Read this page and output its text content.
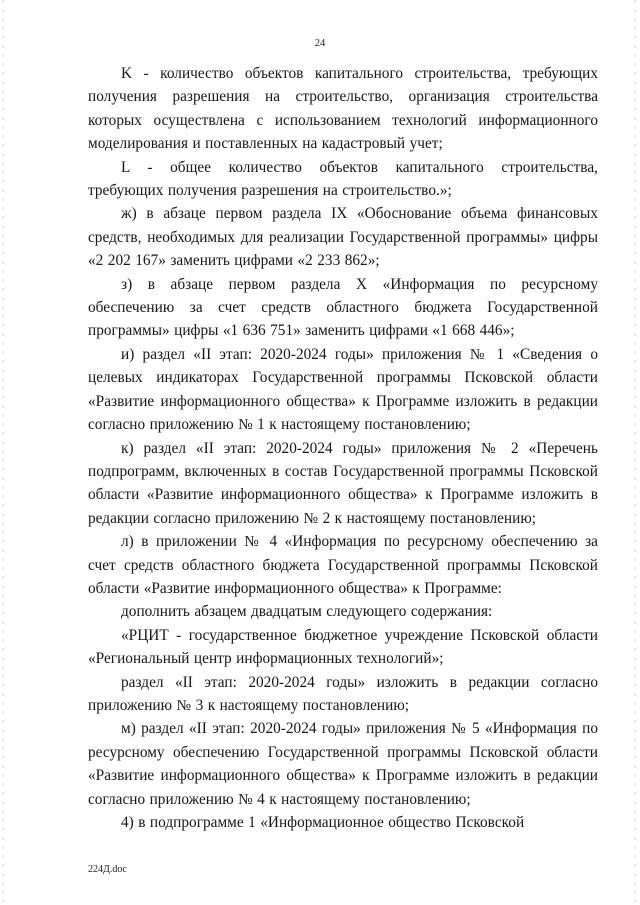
24

K - количество объектов капитального строительства, требующих получения разрешения на строительство, организация строительства которых осуществлена с использованием технологий информационного моделирования и поставленных на кадастровый учет;

L - общее количество объектов капитального строительства, требующих получения разрешения на строительство.»;

ж) в абзаце первом раздела IX «Обоснование объема финансовых средств, необходимых для реализации Государственной программы» цифры «2 202 167» заменить цифрами «2 233 862»;

з) в абзаце первом раздела X «Информация по ресурсному обеспечению за счет средств областного бюджета Государственной программы» цифры «1 636 751» заменить цифрами «1 668 446»;

и) раздел «II этап: 2020-2024 годы» приложения № 1 «Сведения о целевых индикаторах Государственной программы Псковской области «Развитие информационного общества» к Программе изложить в редакции согласно приложению № 1 к настоящему постановлению;

к) раздел «II этап: 2020-2024 годы» приложения № 2 «Перечень подпрограмм, включенных в состав Государственной программы Псковской области «Развитие информационного общества» к Программе изложить в редакции согласно приложению № 2 к настоящему постановлению;

л) в приложении № 4 «Информация по ресурсному обеспечению за счет средств областного бюджета Государственной программы Псковской области «Развитие информационного общества» к Программе:

дополнить абзацем двадцатым следующего содержания:

«РЦИТ - государственное бюджетное учреждение Псковской области «Региональный центр информационных технологий»;

раздел «II этап: 2020-2024 годы» изложить в редакции согласно приложению № 3 к настоящему постановлению;

м) раздел «II этап: 2020-2024 годы» приложения № 5 «Информация по ресурсному обеспечению Государственной программы Псковской области «Развитие информационного общества» к Программе изложить в редакции согласно приложению № 4 к настоящему постановлению;

4) в подпрограмме 1 «Информационное общество Псковской

224Д.doc
